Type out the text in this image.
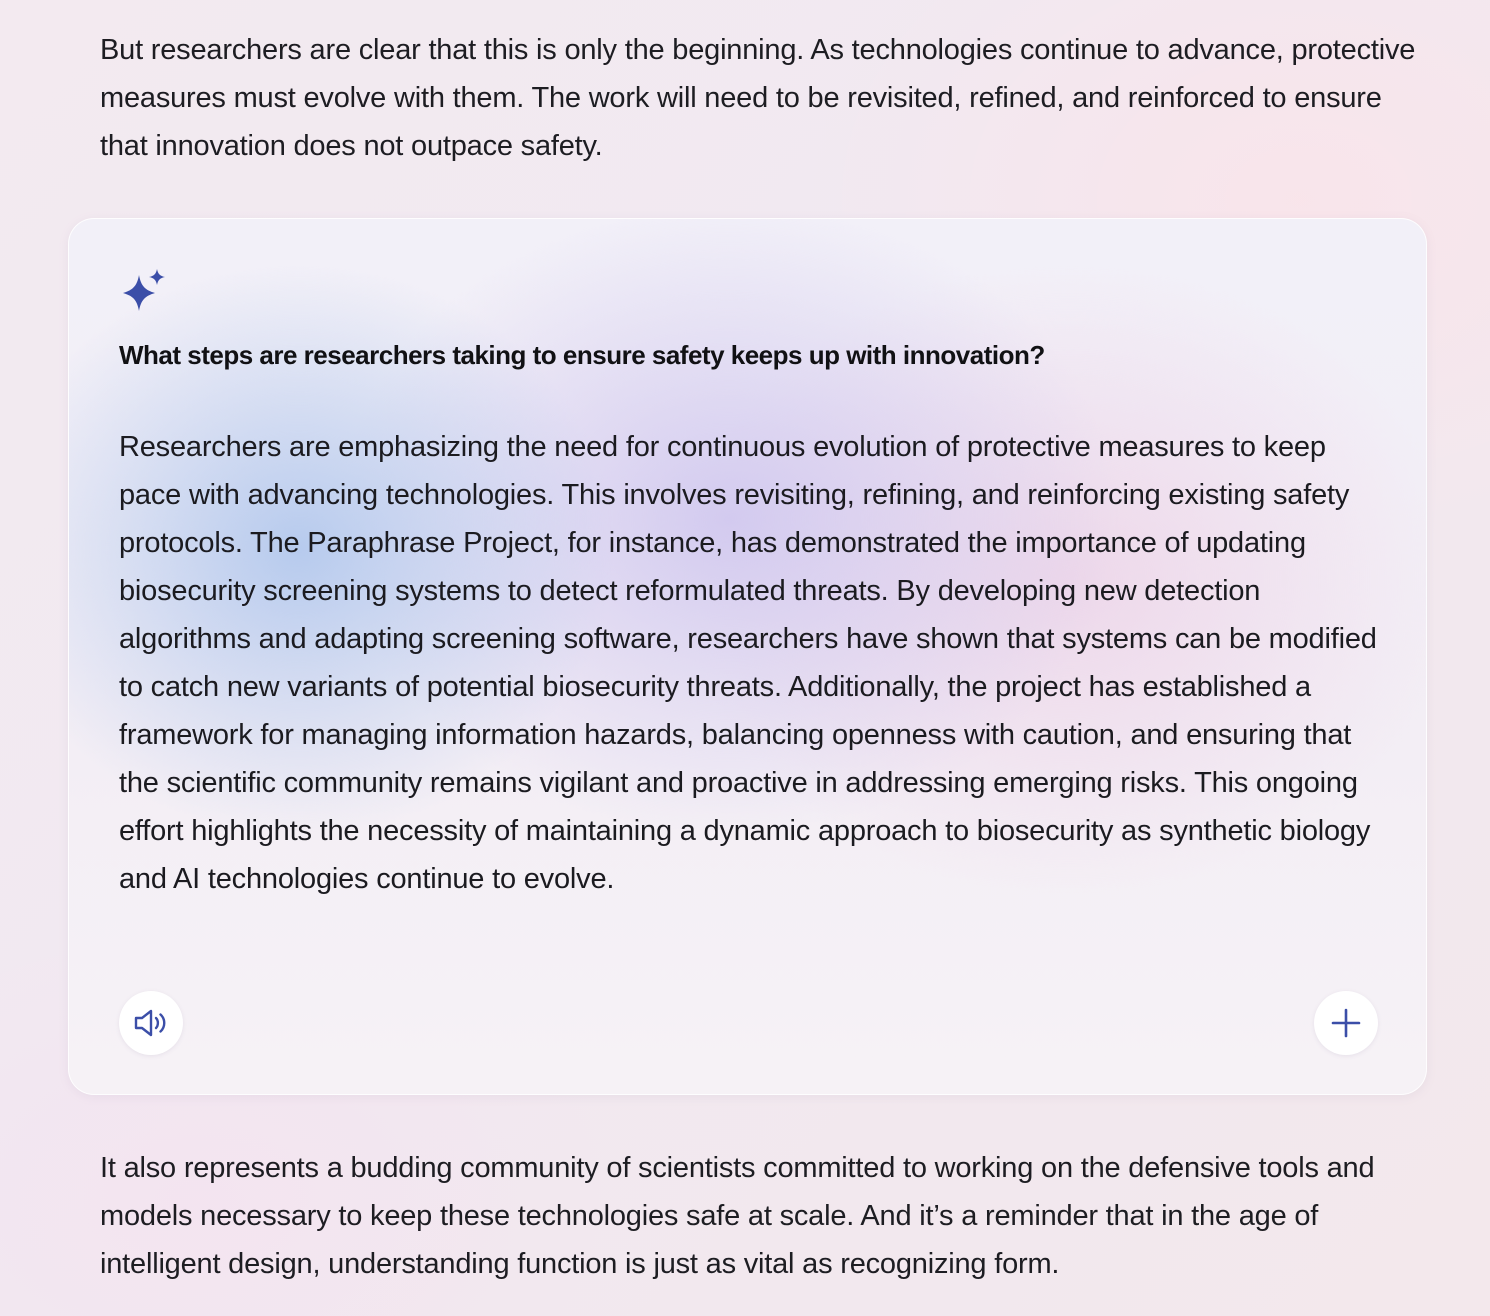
But researchers are clear that this is only the beginning. As technologies continue to advance, protective measures must evolve with them. The work will need to be revisited, refined, and reinforced to ensure that innovation does not outpace safety.

What steps are researchers taking to ensure safety keeps up with innovation?

Researchers are emphasizing the need for continuous evolution of protective measures to keep pace with advancing technologies. This involves revisiting, refining, and reinforcing existing safety protocols. The Paraphrase Project, for instance, has demonstrated the importance of updating biosecurity screening systems to detect reformulated threats. By developing new detection algorithms and adapting screening software, researchers have shown that systems can be modified to catch new variants of potential biosecurity threats. Additionally, the project has established a framework for managing information hazards, balancing openness with caution, and ensuring that the scientific community remains vigilant and proactive in addressing emerging risks. This ongoing effort highlights the necessity of maintaining a dynamic approach to biosecurity as synthetic biology and AI technologies continue to evolve.

It also represents a budding community of scientists committed to working on the defensive tools and models necessary to keep these technologies safe at scale. And it’s a reminder that in the age of intelligent design, understanding function is just as vital as recognizing form.
